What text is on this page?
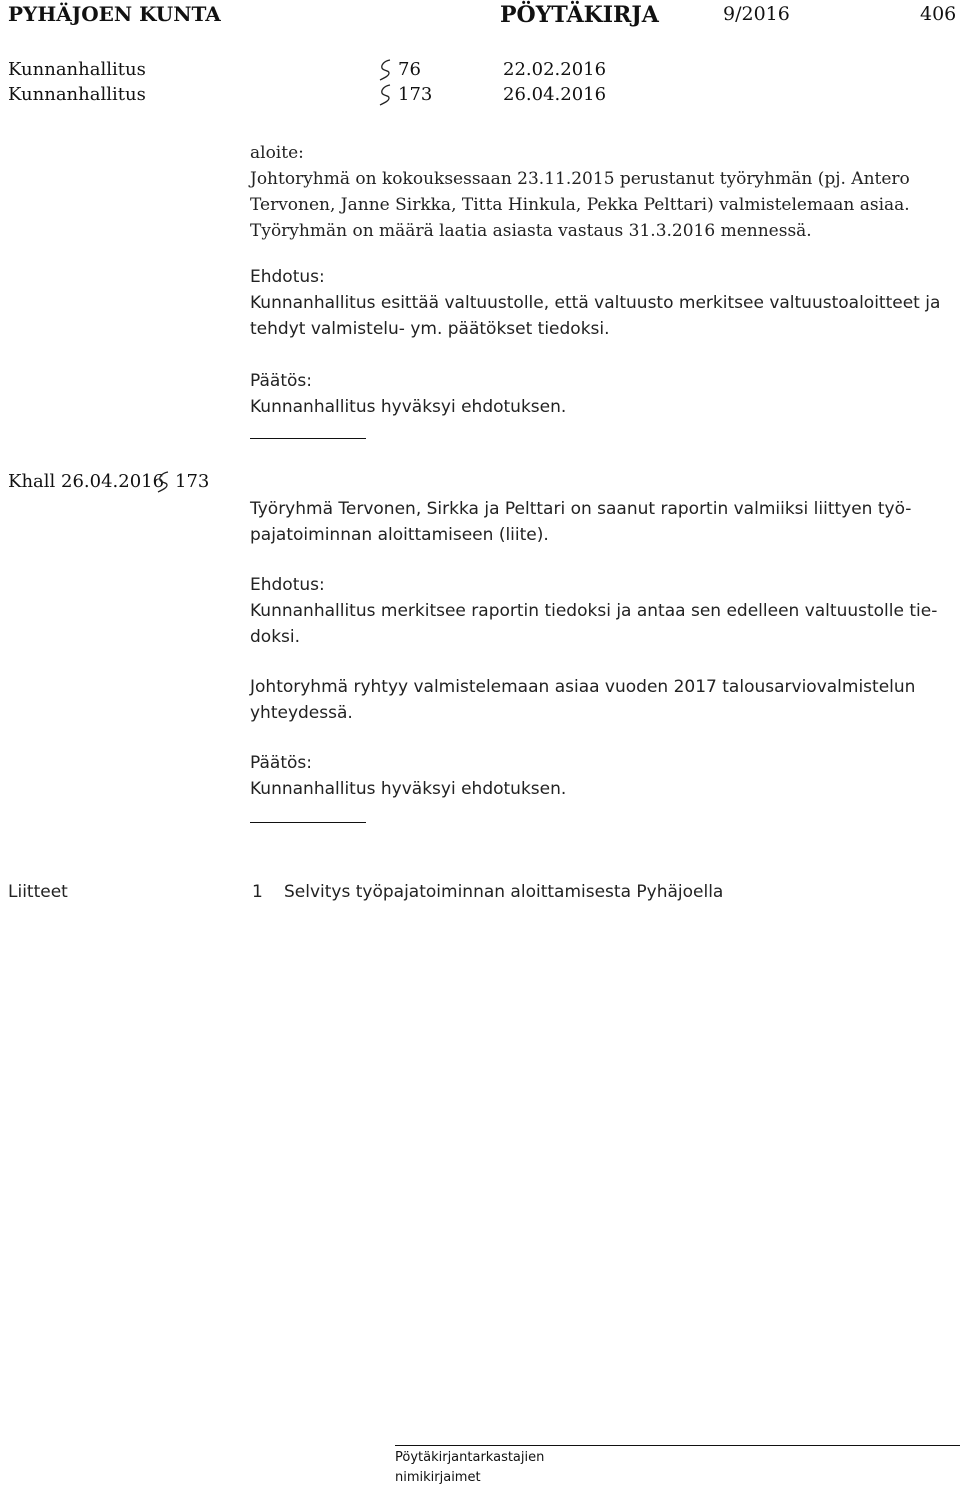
PYHÄJOEN KUNTA	PÖYTÄKIRJA	9/2016	406
Kunnanhallitus	76	22.02.2016
Kunnanhallitus	173	26.04.2016
aloite:
Johtoryhmä on kokouksessaan 23.11.2015 perustanut työryhmän (pj. Antero
Tervonen, Janne Sirkka, Titta Hinkula, Pekka Pelttari) valmistelemaan asiaa.
Työryhmän on määrä laatia asiasta vastaus 31.3.2016 mennessä.
Ehdotus:
Kunnanhallitus esittää valtuustolle, että valtuusto merkitsee valtuustoaloitteet ja
tehdyt valmistelu- ym. päätökset tiedoksi.
Päätös:
Kunnanhallitus hyväksyi ehdotuksen.
Khall 26.04.2016 173
Työryhmä Tervonen, Sirkka ja Pelttari on saanut raportin valmiiksi liittyen työ-
pajatoiminnan aloittamiseen (liite).
Ehdotus:
Kunnanhallitus merkitsee raportin tiedoksi ja antaa sen edelleen valtuustolle tie-
doksi.
Johtoryhmä ryhtyy valmistelemaan asiaa vuoden 2017 talousarviovalmistelun
yhteydessä.
Päätös:
Kunnanhallitus hyväksyi ehdotuksen.
Liitteet	1 Selvitys työpajatoiminnan aloittamisesta Pyhäjoella
Pöytäkirjantarkastajien
nimikirjaimet
